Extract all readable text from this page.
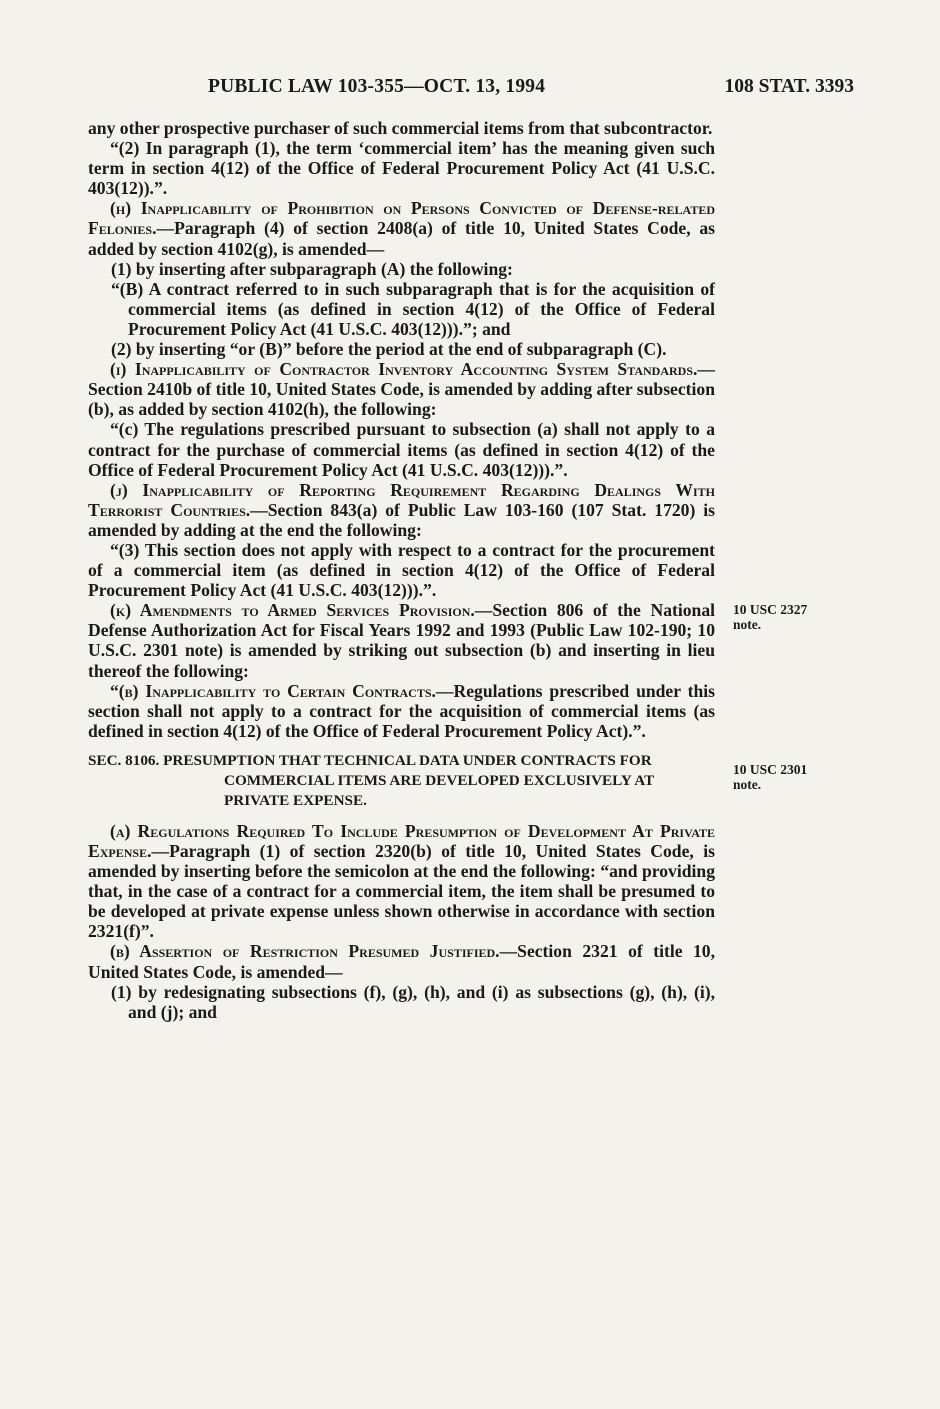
PUBLIC LAW 103-355—OCT. 13, 1994	108 STAT. 3393

any other prospective purchaser of such commercial items from that subcontractor.

“(2) In paragraph (1), the term ‘commercial item’ has the meaning given such term in section 4(12) of the Office of Federal Procurement Policy Act (41 U.S.C. 403(12)).”.

(h) Inapplicability of Prohibition on Persons Convicted of Defense-related Felonies.—Paragraph (4) of section 2408(a) of title 10, United States Code, as added by section 4102(g), is amended—

(1) by inserting after subparagraph (A) the following:

“(B) A contract referred to in such subparagraph that is for the acquisition of commercial items (as defined in section 4(12) of the Office of Federal Procurement Policy Act (41 U.S.C. 403(12))).”; and

(2) by inserting “or (B)” before the period at the end of subparagraph (C).

(i) Inapplicability of Contractor Inventory Accounting System Standards.—Section 2410b of title 10, United States Code, is amended by adding after subsection (b), as added by section 4102(h), the following:

“(c) The regulations prescribed pursuant to subsection (a) shall not apply to a contract for the purchase of commercial items (as defined in section 4(12) of the Office of Federal Procurement Policy Act (41 U.S.C. 403(12))).”.

(j) Inapplicability of Reporting Requirement Regarding Dealings With Terrorist Countries.—Section 843(a) of Public Law 103-160 (107 Stat. 1720) is amended by adding at the end the following:

“(3) This section does not apply with respect to a contract for the procurement of a commercial item (as defined in section 4(12) of the Office of Federal Procurement Policy Act (41 U.S.C. 403(12))).”.

(k) Amendments to Armed Services Provision.—Section 806 of the National Defense Authorization Act for Fiscal Years 1992 and 1993 (Public Law 102-190; 10 U.S.C. 2301 note) is amended by striking out subsection (b) and inserting in lieu thereof the following:

“(b) Inapplicability to Certain Contracts.—Regulations prescribed under this section shall not apply to a contract for the acquisition of commercial items (as defined in section 4(12) of the Office of Federal Procurement Policy Act).”.

SEC. 8106. PRESUMPTION THAT TECHNICAL DATA UNDER CONTRACTS FOR COMMERCIAL ITEMS ARE DEVELOPED EXCLUSIVELY AT PRIVATE EXPENSE.

(a) Regulations Required To Include Presumption of Development At Private Expense.—Paragraph (1) of section 2320(b) of title 10, United States Code, is amended by inserting before the semicolon at the end the following: “and providing that, in the case of a contract for a commercial item, the item shall be presumed to be developed at private expense unless shown otherwise in accordance with section 2321(f)”.

(b) Assertion of Restriction Presumed Justified.—Section 2321 of title 10, United States Code, is amended—

(1) by redesignating subsections (f), (g), (h), and (i) as subsections (g), (h), (i), and (j); and

10 USC 2327
note.
10 USC 2301
note.
